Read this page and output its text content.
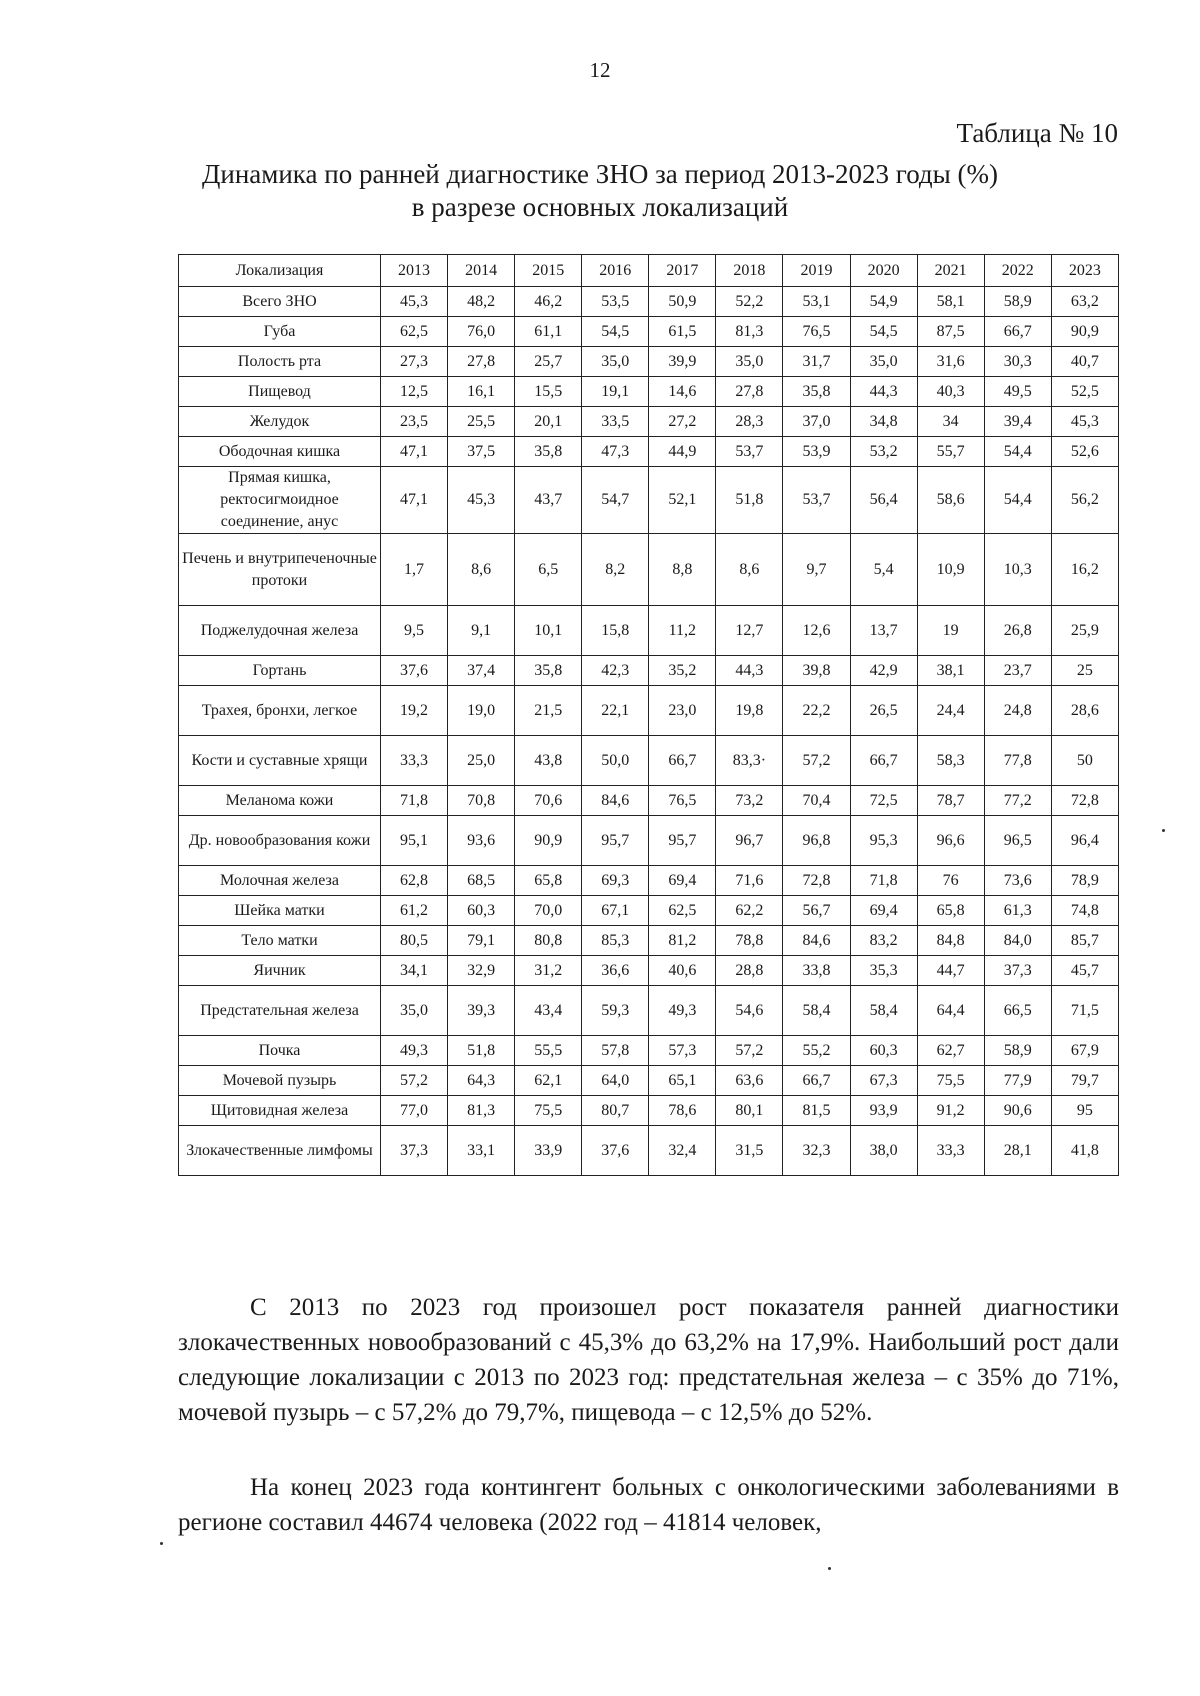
12
Таблица № 10
Динамика по ранней диагностике ЗНО за период 2013-2023 годы (%)
в разрезе основных локализаций
Локализация	2013	2014	2015	2016	2017	2018	2019	2020	2021	2022	2023
Всего ЗНО	45,3	48,2	46,2	53,5	50,9	52,2	53,1	54,9	58,1	58,9	63,2
Губа	62,5	76,0	61,1	54,5	61,5	81,3	76,5	54,5	87,5	66,7	90,9
Полость рта	27,3	27,8	25,7	35,0	39,9	35,0	31,7	35,0	31,6	30,3	40,7
Пищевод	12,5	16,1	15,5	19,1	14,6	27,8	35,8	44,3	40,3	49,5	52,5
Желудок	23,5	25,5	20,1	33,5	27,2	28,3	37,0	34,8	34	39,4	45,3
Ободочная кишка	47,1	37,5	35,8	47,3	44,9	53,7	53,9	53,2	55,7	54,4	52,6
Прямая кишка, ректосигмоидное соединение, анус	47,1	45,3	43,7	54,7	52,1	51,8	53,7	56,4	58,6	54,4	56,2
Печень и внутрипеченочные протоки	1,7	8,6	6,5	8,2	8,8	8,6	9,7	5,4	10,9	10,3	16,2
Поджелудочная железа	9,5	9,1	10,1	15,8	11,2	12,7	12,6	13,7	19	26,8	25,9
Гортань	37,6	37,4	35,8	42,3	35,2	44,3	39,8	42,9	38,1	23,7	25
Трахея, бронхи, легкое	19,2	19,0	21,5	22,1	23,0	19,8	22,2	26,5	24,4	24,8	28,6
Кости и суставные хрящи	33,3	25,0	43,8	50,0	66,7	83,3·	57,2	66,7	58,3	77,8	50
Меланома кожи	71,8	70,8	70,6	84,6	76,5	73,2	70,4	72,5	78,7	77,2	72,8
Др. новообразования кожи	95,1	93,6	90,9	95,7	95,7	96,7	96,8	95,3	96,6	96,5	96,4
Молочная железа	62,8	68,5	65,8	69,3	69,4	71,6	72,8	71,8	76	73,6	78,9
Шейка матки	61,2	60,3	70,0	67,1	62,5	62,2	56,7	69,4	65,8	61,3	74,8
Тело матки	80,5	79,1	80,8	85,3	81,2	78,8	84,6	83,2	84,8	84,0	85,7
Яичник	34,1	32,9	31,2	36,6	40,6	28,8	33,8	35,3	44,7	37,3	45,7
Предстательная железа	35,0	39,3	43,4	59,3	49,3	54,6	58,4	58,4	64,4	66,5	71,5
Почка	49,3	51,8	55,5	57,8	57,3	57,2	55,2	60,3	62,7	58,9	67,9
Мочевой пузырь	57,2	64,3	62,1	64,0	65,1	63,6	66,7	67,3	75,5	77,9	79,7
Щитовидная железа	77,0	81,3	75,5	80,7	78,6	80,1	81,5	93,9	91,2	90,6	95
Злокачественные лимфомы	37,3	33,1	33,9	37,6	32,4	31,5	32,3	38,0	33,3	28,1	41,8
С 2013 по 2023 год произошел рост показателя ранней диагностики злокачественных новообразований с 45,3% до 63,2% на 17,9%. Наибольший рост дали следующие локализации с 2013 по 2023 год: предстательная железа – с 35% до 71%, мочевой пузырь – с 57,2% до 79,7%, пищевода – с 12,5% до 52%.
На конец 2023 года контингент больных с онкологическими заболеваниями в регионе составил 44674 человека (2022 год – 41814 человек,
